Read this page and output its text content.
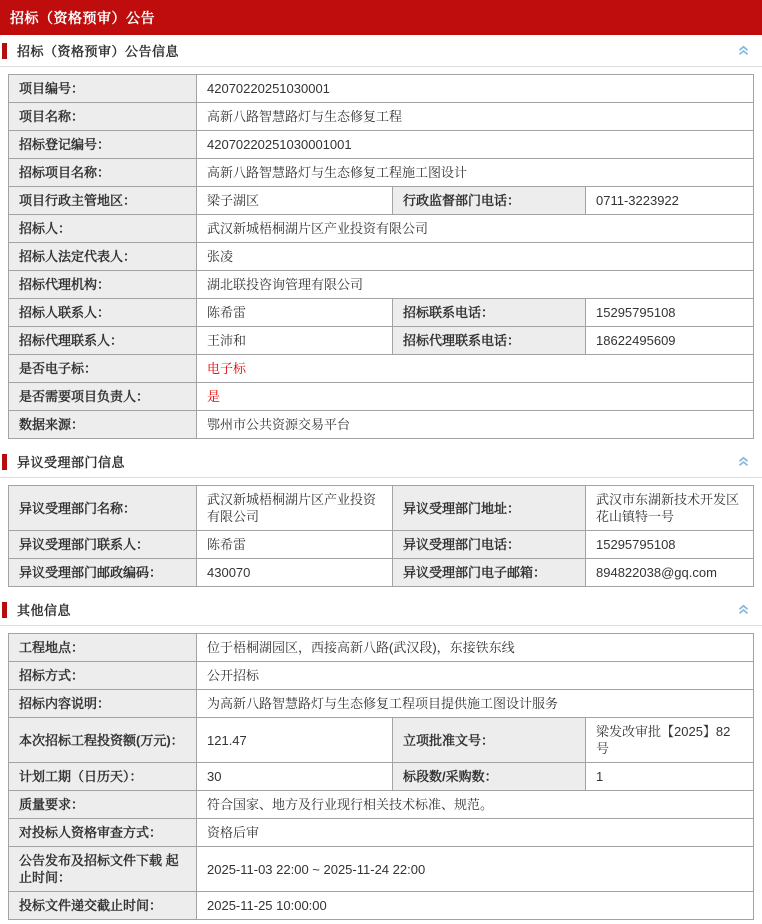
招标（资格预审）公告
招标（资格预审）公告信息
项目编号：	42070220251030001		
项目名称：	高新八路智慧路灯与生态修复工程		
招标登记编号：	42070220251030001001		
招标项目名称：	高新八路智慧路灯与生态修复工程施工图设计		
项目行政主管地区：	梁子湖区	行政监督部门电话：	0711-3223922
招标人：	武汉新城梧桐湖片区产业投资有限公司		
招标人法定代表人：	张凌		
招标代理机构：	湖北联投咨询管理有限公司		
招标人联系人：	陈希雷	招标联系电话：	15295795108
招标代理联系人：	王沛和	招标代理联系电话：	18622495609
是否电子标：	电子标		
是否需要项目负责人：	是		
数据来源：	鄂州市公共资源交易平台		
异议受理部门信息
异议受理部门名称：	武汉新城梧桐湖片区产业投资有限公司	异议受理部门地址：	武汉市东湖新技术开发区花山镇特一号
异议受理部门联系人：	陈希雷	异议受理部门电话：	15295795108
异议受理部门邮政编码：	430070	异议受理部门电子邮箱：	894822038@gq.com
其他信息
工程地点：	位于梧桐湖园区，西接高新八路(武汉段)，东接铁东线		
招标方式：	公开招标		
招标内容说明：	为高新八路智慧路灯与生态修复工程项目提供施工图设计服务		
本次招标工程投资额(万元)：	121.47	立项批准文号：	梁发改审批【2025】82号
计划工期（日历天）：	30	标段数/采购数：	1
质量要求：	符合国家、地方及行业现行相关技术标准、规范。		
对投标人资格审查方式：	资格后审		
公告发布及招标文件下载 起止时间：	2025-11-03 22:00 ~ 2025-11-24 22:00		
投标文件递交截止时间：	2025-11-25 10:00:00		
